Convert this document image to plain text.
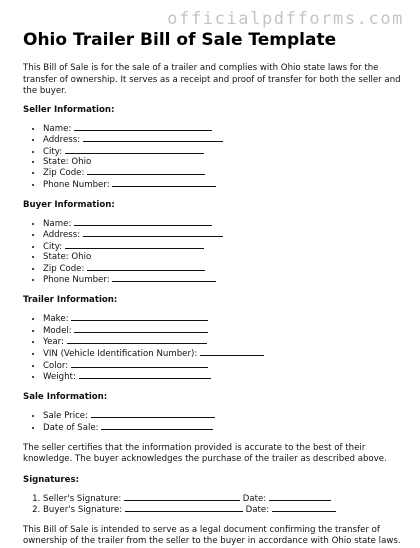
officialpdfforms.com
Ohio Trailer Bill of Sale Template

This Bill of Sale is for the sale of a trailer and complies with Ohio state laws for the transfer of ownership. It serves as a receipt and proof of transfer for both the seller and the buyer.

Seller Information:
• Name:
• Address:
• City:
• State: Ohio
• Zip Code:
• Phone Number:
Buyer Information:
• Name:
• Address:
• City:
• State: Ohio
• Zip Code:
• Phone Number:
Trailer Information:
• Make:
• Model:
• Year:
• VIN (Vehicle Identification Number):
• Color:
• Weight:
Sale Information:
• Sale Price:
• Date of Sale:

The seller certifies that the information provided is accurate to the best of their knowledge. The buyer acknowledges the purchase of the trailer as described above.

Signatures:
1. Seller's Signature:	Date:
2. Buyer's Signature:	Date:

This Bill of Sale is intended to serve as a legal document confirming the transfer of ownership of the trailer from the seller to the buyer in accordance with Ohio state laws.
